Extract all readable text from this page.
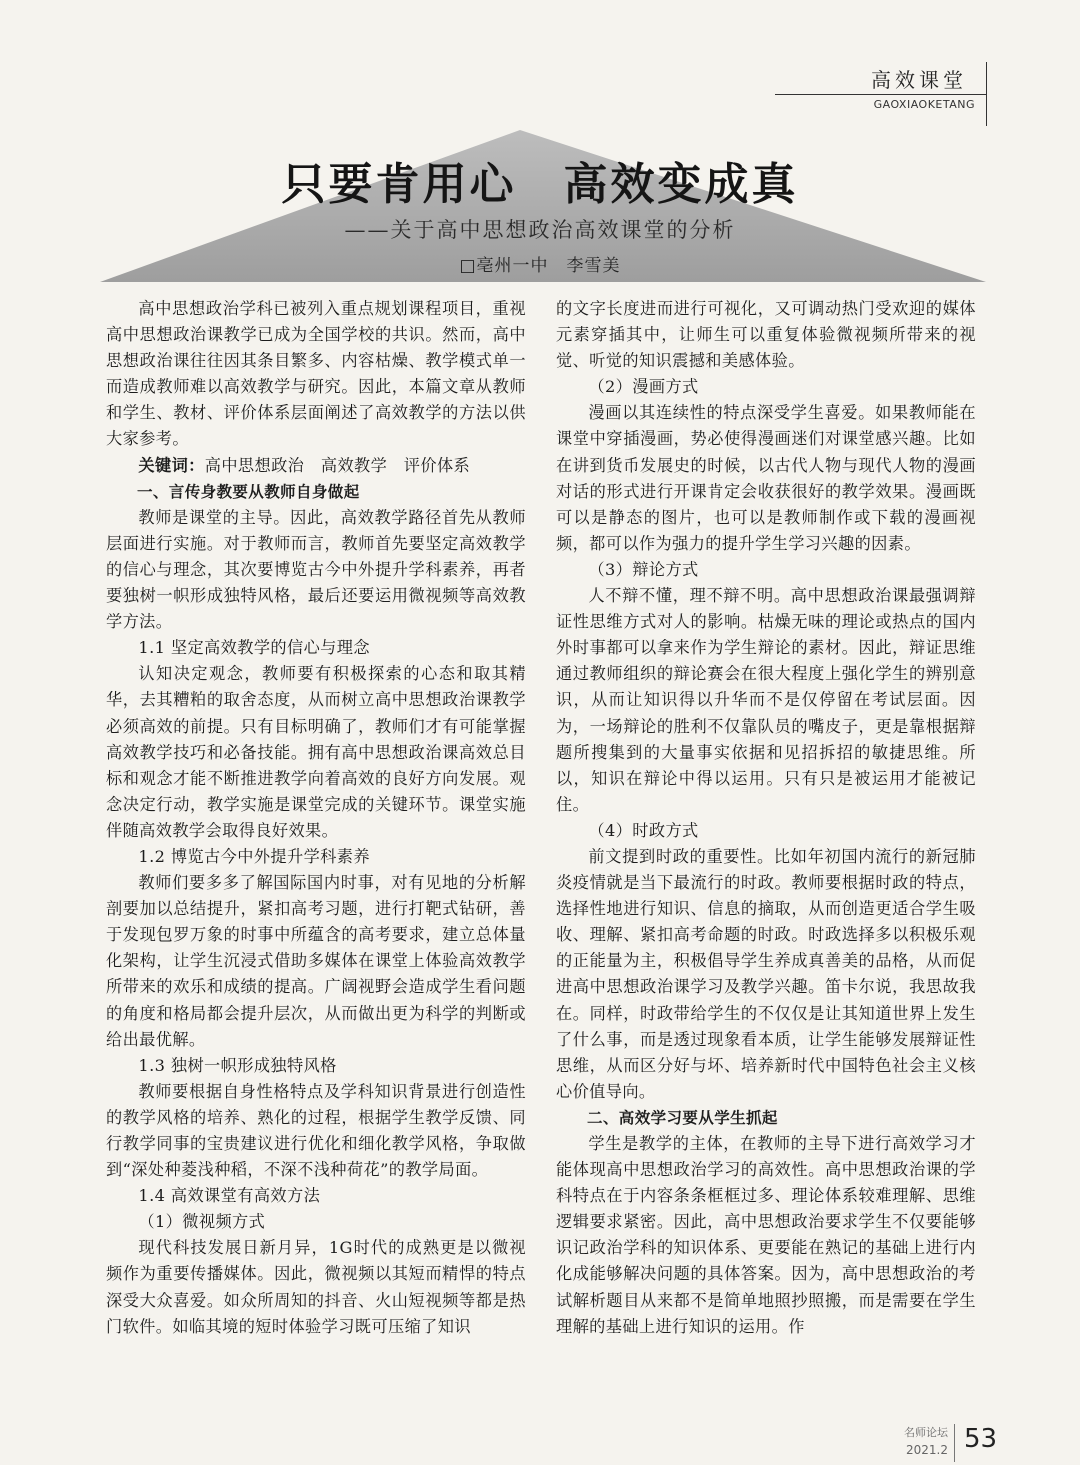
高效课堂
GAOXIAOKETANG
只要肯用心　高效变成真
——关于高中思想政治高效课堂的分析
□亳州一中　李雪美

高中思想政治学科已被列入重点规划课程项目，重视高中思想政治课教学已成为全国学校的共识。然而，高中思想政治课往往因其条目繁多、内容枯燥、教学模式单一而造成教师难以高效教学与研究。因此，本篇文章从教师和学生、教材、评价体系层面阐述了高效教学的方法以供大家参考。

关键词：高中思想政治　高效教学　评价体系

一、言传身教要从教师自身做起

教师是课堂的主导。因此，高效教学路径首先从教师层面进行实施。对于教师而言，教师首先要坚定高效教学的信心与理念，其次要博览古今中外提升学科素养，再者要独树一帜形成独特风格，最后还要运用微视频等高效教学方法。

1.1 坚定高效教学的信心与理念

认知决定观念，教师要有积极探索的心态和取其精华，去其糟粕的取舍态度，从而树立高中思想政治课教学必须高效的前提。只有目标明确了，教师们才有可能掌握高效教学技巧和必备技能。拥有高中思想政治课高效总目标和观念才能不断推进教学向着高效的良好方向发展。观念决定行动，教学实施是课堂完成的关键环节。课堂实施伴随高效教学会取得良好效果。

1.2 博览古今中外提升学科素养

教师们要多多了解国际国内时事，对有见地的分析解剖要加以总结提升，紧扣高考习题，进行打靶式钻研，善于发现包罗万象的时事中所蕴含的高考要求，建立总体量化架构，让学生沉浸式借助多媒体在课堂上体验高效教学所带来的欢乐和成绩的提高。广阔视野会造成学生看问题的角度和格局都会提升层次，从而做出更为科学的判断或给出最优解。

1.3 独树一帜形成独特风格

教师要根据自身性格特点及学科知识背景进行创造性的教学风格的培养、熟化的过程，根据学生教学反馈、同行教学同事的宝贵建议进行优化和细化教学风格，争取做到“深处种菱浅种稻，不深不浅种荷花”的教学局面。

1.4 高效课堂有高效方法

（1）微视频方式

现代科技发展日新月异，1G时代的成熟更是以微视频作为重要传播媒体。因此，微视频以其短而精悍的特点深受大众喜爱。如众所周知的抖音、火山短视频等都是热门软件。如临其境的短时体验学习既可压缩了知识

的文字长度进而进行可视化，又可调动热门受欢迎的媒体元素穿插其中，让师生可以重复体验微视频所带来的视觉、听觉的知识震撼和美感体验。

（2）漫画方式

漫画以其连续性的特点深受学生喜爱。如果教师能在课堂中穿插漫画，势必使得漫画迷们对课堂感兴趣。比如在讲到货币发展史的时候，以古代人物与现代人物的漫画对话的形式进行开课肯定会收获很好的教学效果。漫画既可以是静态的图片，也可以是教师制作或下载的漫画视频，都可以作为强力的提升学生学习兴趣的因素。

（3）辩论方式

人不辩不懂，理不辩不明。高中思想政治课最强调辩证性思维方式对人的影响。枯燥无味的理论或热点的国内外时事都可以拿来作为学生辩论的素材。因此，辩证思维通过教师组织的辩论赛会在很大程度上强化学生的辨别意识，从而让知识得以升华而不是仅停留在考试层面。因为，一场辩论的胜利不仅靠队员的嘴皮子，更是靠根据辩题所搜集到的大量事实依据和见招拆招的敏捷思维。所以，知识在辩论中得以运用。只有只是被运用才能被记住。

（4）时政方式

前文提到时政的重要性。比如年初国内流行的新冠肺炎疫情就是当下最流行的时政。教师要根据时政的特点，选择性地进行知识、信息的摘取，从而创造更适合学生吸收、理解、紧扣高考命题的时政。时政选择多以积极乐观的正能量为主，积极倡导学生养成真善美的品格，从而促进高中思想政治课学习及教学兴趣。笛卡尔说，我思故我在。同样，时政带给学生的不仅仅是让其知道世界上发生了什么事，而是透过现象看本质，让学生能够发展辩证性思维，从而区分好与坏、培养新时代中国特色社会主义核心价值导向。

二、高效学习要从学生抓起

学生是教学的主体，在教师的主导下进行高效学习才能体现高中思想政治学习的高效性。高中思想政治课的学科特点在于内容条条框框过多、理论体系较难理解、思维逻辑要求紧密。因此，高中思想政治要求学生不仅要能够识记政治学科的知识体系、更要能在熟记的基础上进行内化成能够解决问题的具体答案。因为，高中思想政治的考试解析题目从来都不是简单地照抄照搬，而是需要在学生理解的基础上进行知识的运用。作

名师论坛
2021.2 53
